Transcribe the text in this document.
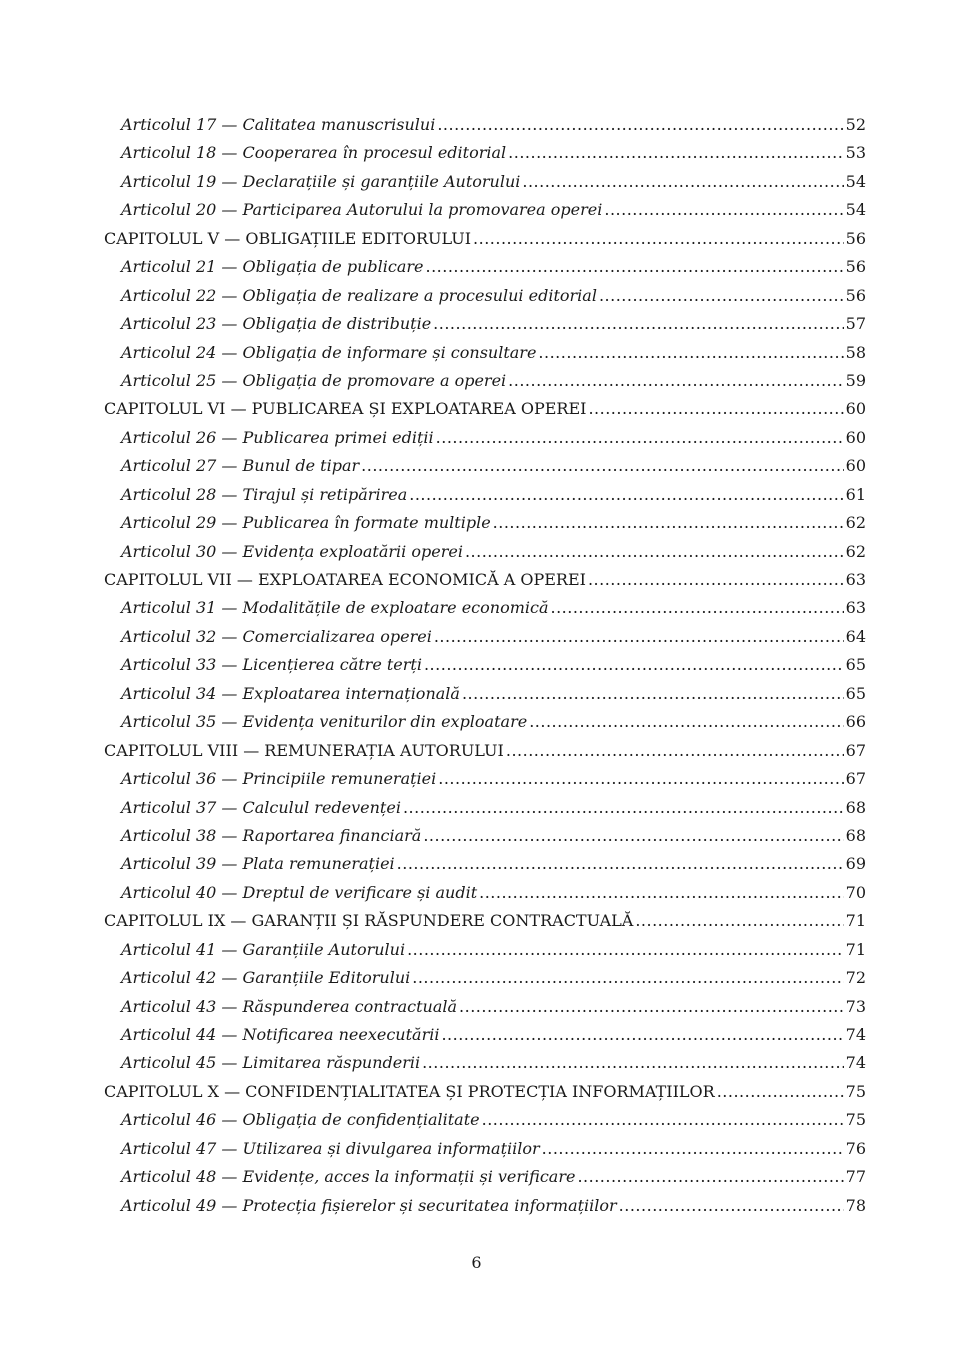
Articolul 17 — Calitatea manuscrisului .....	52
Articolul 18 — Cooperarea în procesul editorial .....	53
Articolul 19 — Declarațiile și garanțiile Autorului .....	54
Articolul 20 — Participarea Autorului la promovarea operei .....	54
CAPITOLUL V — OBLIGAȚIILE EDITORULUI .....	56
Articolul 21 — Obligația de publicare .....	56
Articolul 22 — Obligația de realizare a procesului editorial .....	56
Articolul 23 — Obligația de distribuție .....	57
Articolul 24 — Obligația de informare și consultare .....	58
Articolul 25 — Obligația de promovare a operei .....	59
CAPITOLUL VI — PUBLICAREA ȘI EXPLOATAREA OPEREI .....	60
Articolul 26 — Publicarea primei ediții .....	60
Articolul 27 — Bunul de tipar .....	60
Articolul 28 — Tirajul și retipărirea .....	61
Articolul 29 — Publicarea în formate multiple .....	62
Articolul 30 — Evidența exploatării operei .....	62
CAPITOLUL VII — EXPLOATAREA ECONOMICĂ A OPEREI .....	63
Articolul 31 — Modalitățile de exploatare economică .....	63
Articolul 32 — Comercializarea operei .....	64
Articolul 33 — Licențierea către terți .....	65
Articolul 34 — Exploatarea internațională .....	65
Articolul 35 — Evidența veniturilor din exploatare .....	66
CAPITOLUL VIII — REMUNERAȚIA AUTORULUI .....	67
Articolul 36 — Principiile remunerației .....	67
Articolul 37 — Calculul redevenței .....	68
Articolul 38 — Raportarea financiară .....	68
Articolul 39 — Plata remunerației .....	69
Articolul 40 — Dreptul de verificare și audit .....	70
CAPITOLUL IX — GARANȚII ȘI RĂSPUNDERE CONTRACTUALĂ .....	71
Articolul 41 — Garanțiile Autorului .....	71
Articolul 42 — Garanțiile Editorului .....	72
Articolul 43 — Răspunderea contractuală .....	73
Articolul 44 — Notificarea neexecutării .....	74
Articolul 45 — Limitarea răspunderii .....	74
CAPITOLUL X — CONFIDENȚIALITATEA ȘI PROTECȚIA INFORMAȚIILOR .....	75
Articolul 46 — Obligația de confidențialitate .....	75
Articolul 47 — Utilizarea și divulgarea informațiilor .....	76
Articolul 48 — Evidențe, acces la informații și verificare .....	77
Articolul 49 — Protecția fișierelor și securitatea informațiilor .....	78
6
